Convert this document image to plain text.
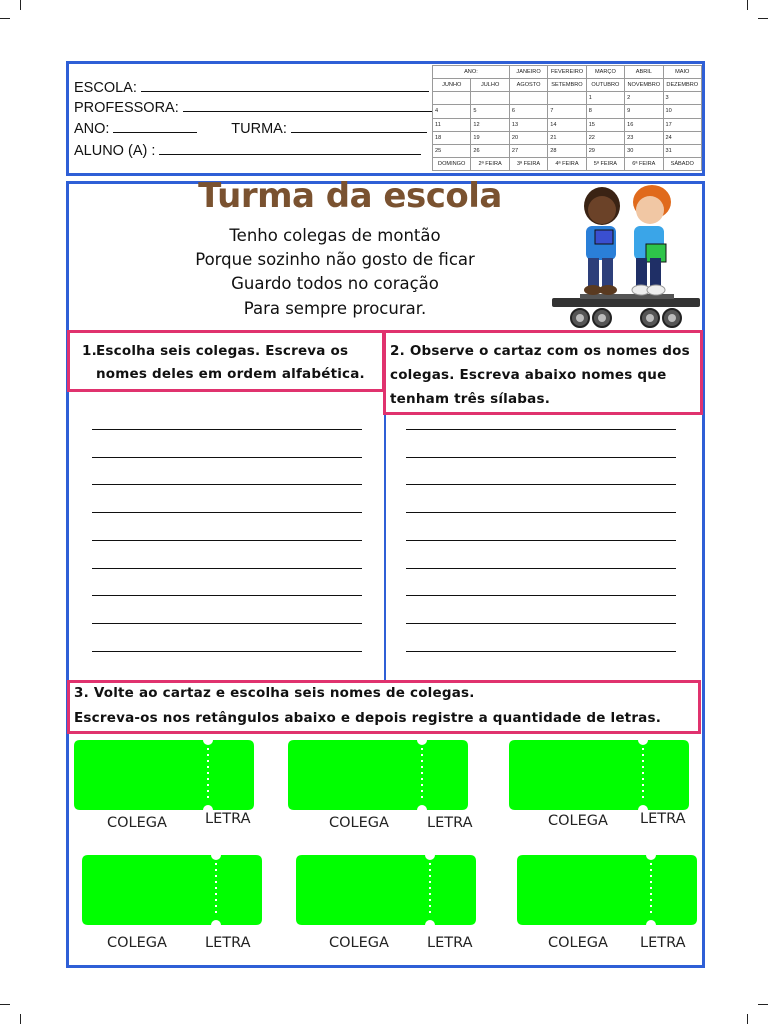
ESCOLA:
PROFESSORA:
ANO:	TURMA:
ALUNO (A) :
ANO:		JANEIRO	FEVEREIRO	MARÇO	ABRIL	MAIO
JUNHO	JULHO	AGOSTO	SETEMBRO	OUTUBRO	NOVEMBRO	DEZEMBRO
				1	2	3
4	5	6	7	8	9	10
11	12	13	14	15	16	17
18	19	20	21	22	23	24
25	26	27	28	29	30	31
DOMINGO	2ª FEIRA	3ª FEIRA	4ª FEIRA	5ª FEIRA	6ª FEIRA	SÁBADO
Turma da escola
Tenho colegas de montão
Porque sozinho não gosto de ficar
Guardo todos no coração
Para sempre procurar.
1. Escolha seis colegas. Escreva os
nomes deles em ordem alfabética.
2. Observe o cartaz com os nomes dos
colegas. Escreva abaixo nomes que
tenham três sílabas.
3. Volte ao cartaz e escolha seis nomes de colegas.
Escreva-os nos retângulos abaixo e depois registre a quantidade de letras.
COLEGA	LETRA	COLEGA	LETRA	COLEGA LETRA
COLEGA	LETRA	COLEGA	LETRA	COLEGA LETRA
